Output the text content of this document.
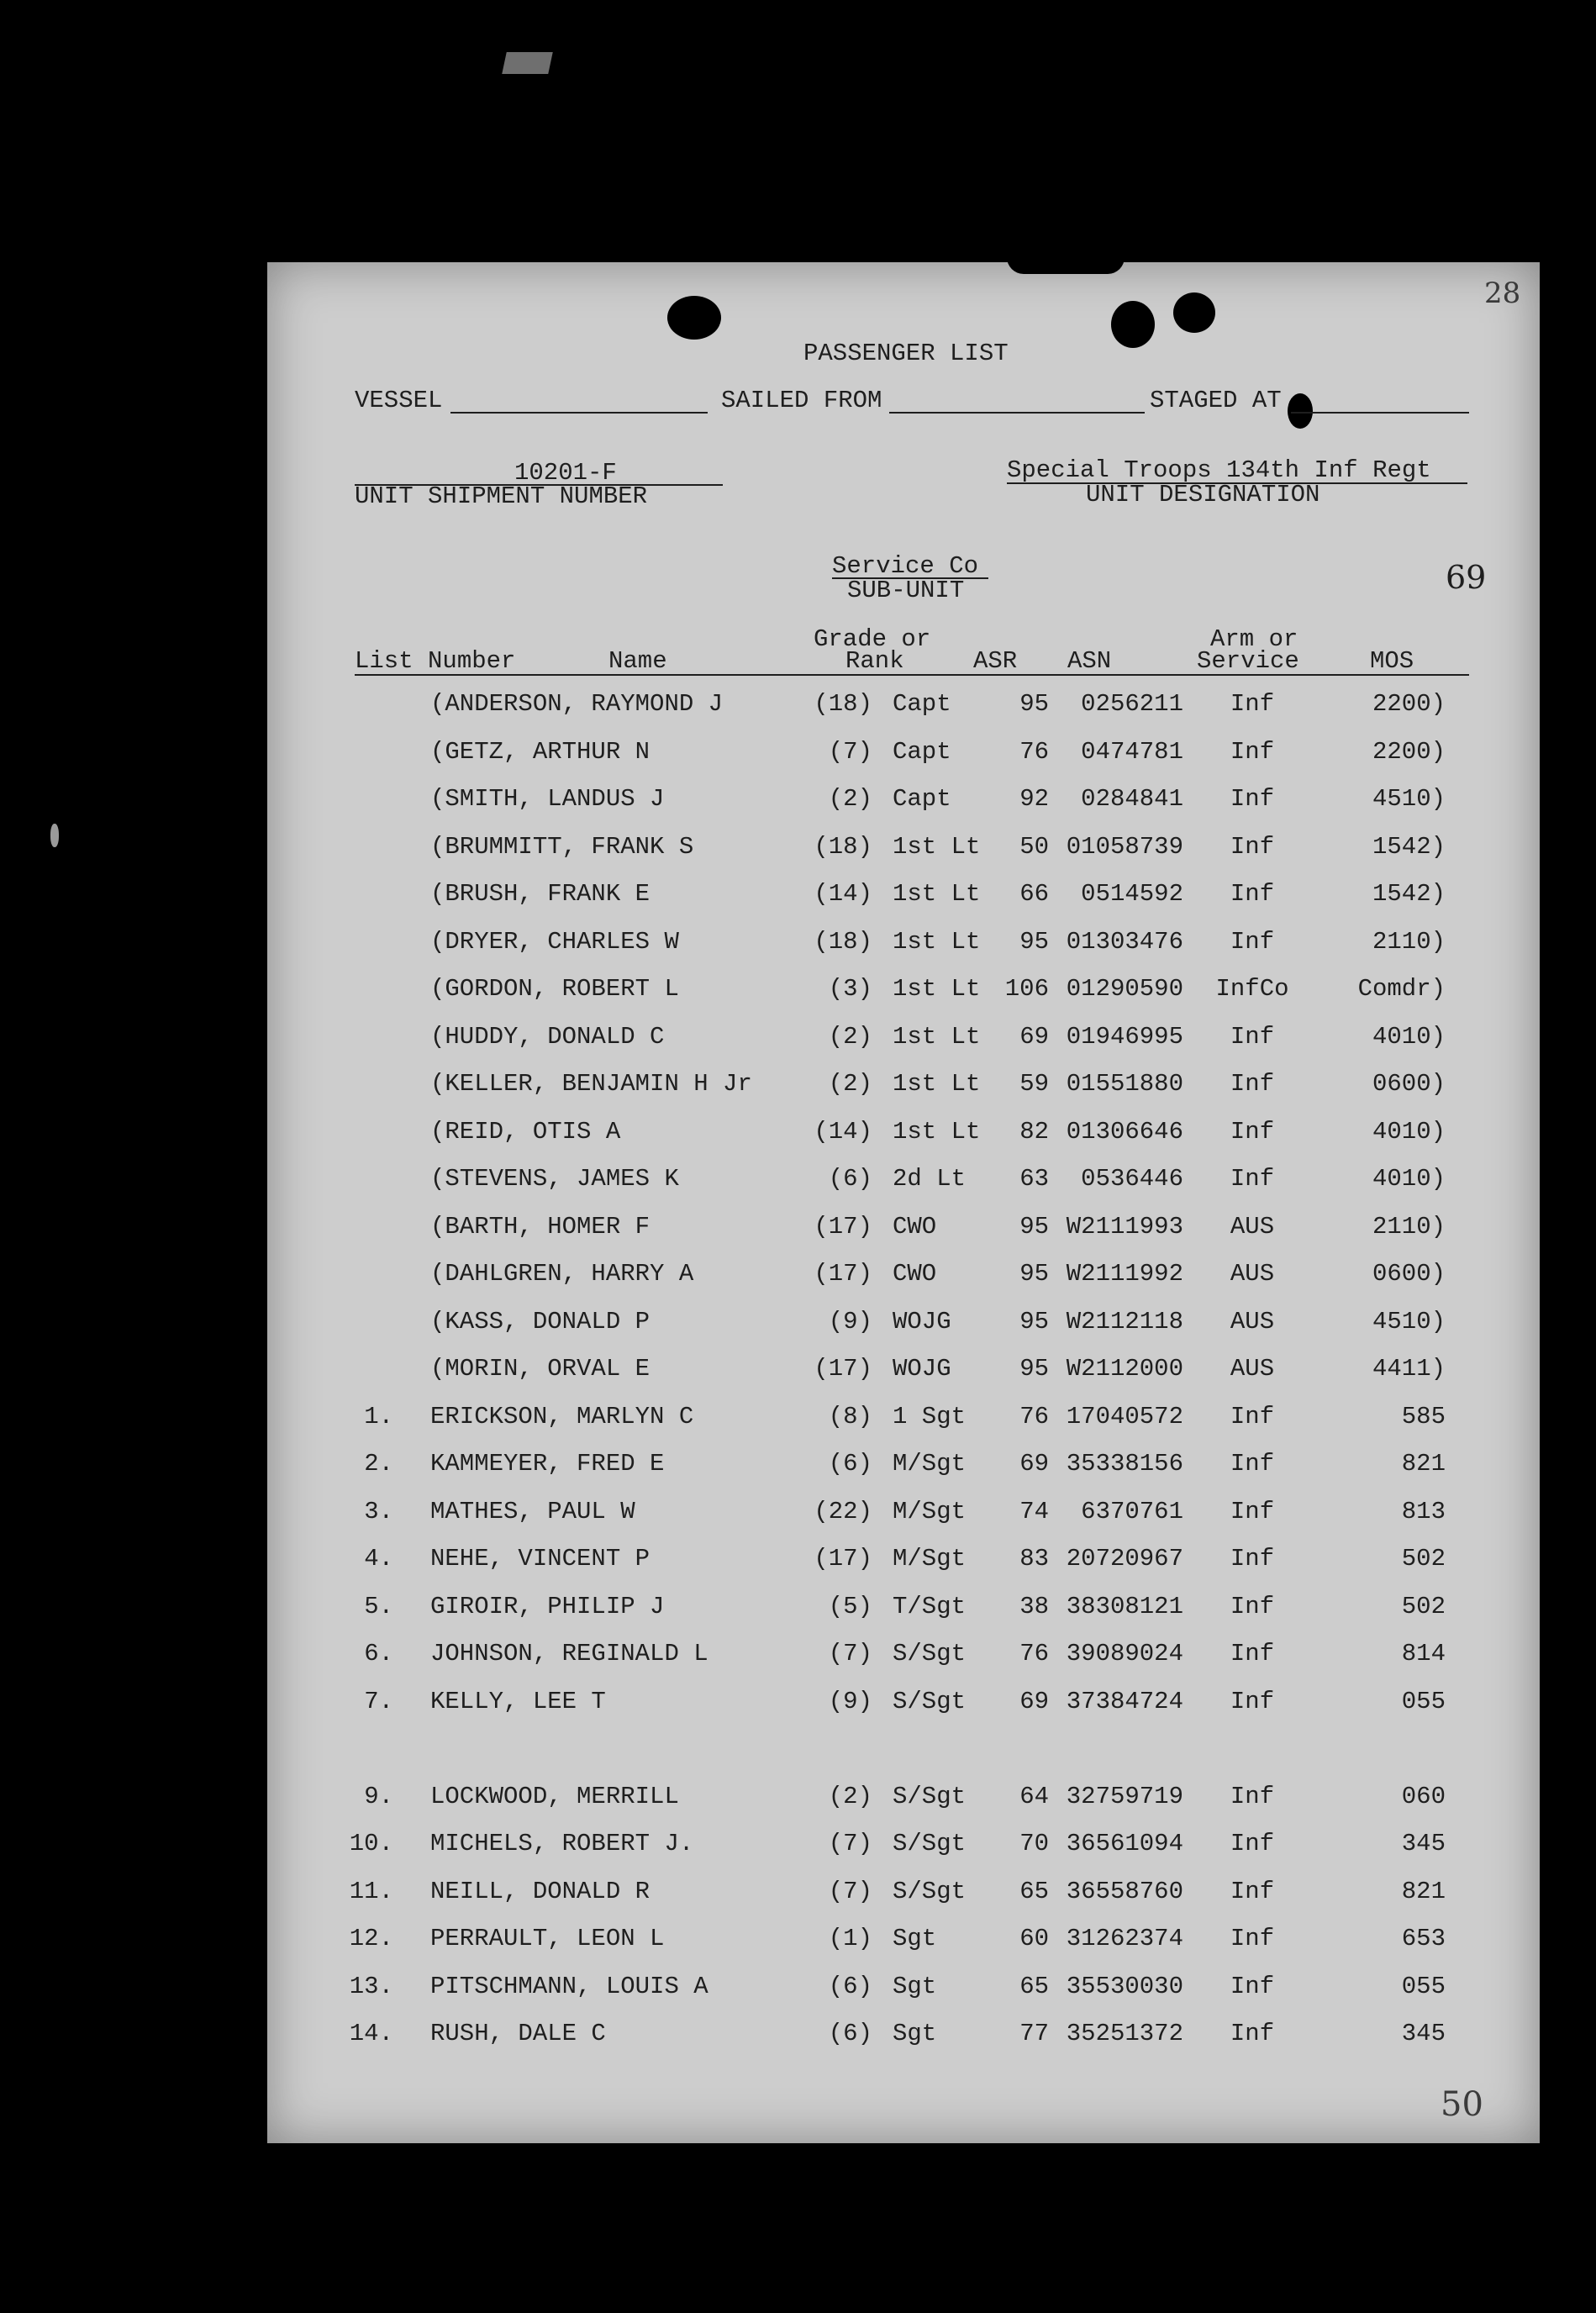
28
PASSENGER LIST
VESSEL	SAILED FROM	STAGED AT
10201-F
UNIT SHIPMENT NUMBER
Special Troops 134th Inf Regt
UNIT DESIGNATION
Service Co
SUB-UNIT	69
Grade or	Arm or
List Number	Name	Rank	ASR ASN	Service	MOS
(ANDERSON, RAYMOND J	(18) Capt	95	0256211	Inf	2200)
(GETZ, ARTHUR N	(7) Capt	76	0474781	Inf	2200)
(SMITH, LANDUS J	(2) Capt	92	0284841	Inf	4510)
(BRUMMITT, FRANK S	(18) 1st Lt	50 01058739	Inf	1542)
(BRUSH, FRANK E	(14) 1st Lt	66	0514592	Inf	1542)
(DRYER, CHARLES W	(18) 1st Lt	95 01303476	Inf	2110)
(GORDON, ROBERT L	(3) 1st Lt	106 01290590	InfCo	Comdr)
(HUDDY, DONALD C	(2) 1st Lt	69 01946995	Inf	4010)
(KELLER, BENJAMIN H Jr	(2) 1st Lt	59 01551880	Inf	0600)
(REID, OTIS A	(14) 1st Lt	82 01306646	Inf	4010)
(STEVENS, JAMES K	(6) 2d Lt	63	0536446	Inf	4010)
(BARTH, HOMER F	(17) CWO	95 W2111993	AUS	2110)
(DAHLGREN, HARRY A	(17) CWO	95 W2111992	AUS	0600)
(KASS, DONALD P	(9) WOJG	95 W2112118	AUS	4510)
(MORIN, ORVAL E	(17) WOJG	95 W2112000	AUS	4411)
1. ERICKSON, MARLYN C	(8) 1 Sgt	76 17040572	Inf	585
2. KAMMEYER, FRED E	(6) M/Sgt	69 35338156	Inf	821
3. MATHES, PAUL W	(22) M/Sgt	74	6370761	Inf	813
4. NEHE, VINCENT P	(17) M/Sgt	83 20720967	Inf	502
5. GIROIR, PHILIP J	(5) T/Sgt	38 38308121	Inf	502
6. JOHNSON, REGINALD L	(7) S/Sgt	76 39089024	Inf	814
7. KELLY, LEE T	(9) S/Sgt	69 37384724	Inf	055
9. LOCKWOOD, MERRILL	(2) S/Sgt	64 32759719	Inf	060
10. MICHELS, ROBERT J.	(7) S/Sgt	70 36561094	Inf	345
11. NEILL, DONALD R	(7) S/Sgt	65 36558760	Inf	821
12. PERRAULT, LEON L	(1) Sgt	60 31262374	Inf	653
13. PITSCHMANN, LOUIS A	(6) Sgt	65 35530030	Inf	055
14. RUSH, DALE C	(6) Sgt	77 35251372	Inf	345
50
